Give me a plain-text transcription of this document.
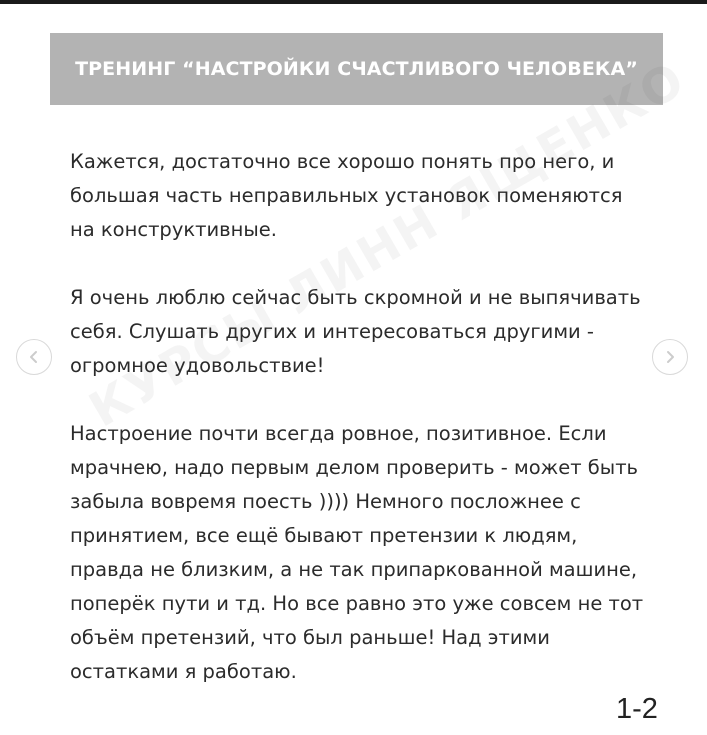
ТРЕНИНГ “НАСТРОЙКИ СЧАСТЛИВОГО ЧЕЛОВЕКА”

Кажется, достаточно все хорошо понять про него, и большая часть неправильных установок поменяются на конструктивные.

Я очень люблю сейчас быть скромной и не выпячивать себя. Слушать других и интересоваться другими - огромное удовольствие!

Настроение почти всегда ровное, позитивное. Если мрачнею, надо первым делом проверить - может быть забыла вовремя поесть )))) Немного посложнее с принятием, все ещё бывают претензии к людям, правда не близким, а не так припаркованной машине, поперёк пути и тд. Но все равно это уже совсем не тот объём претензий, что был раньше! Над этими остатками я работаю.

1-2
